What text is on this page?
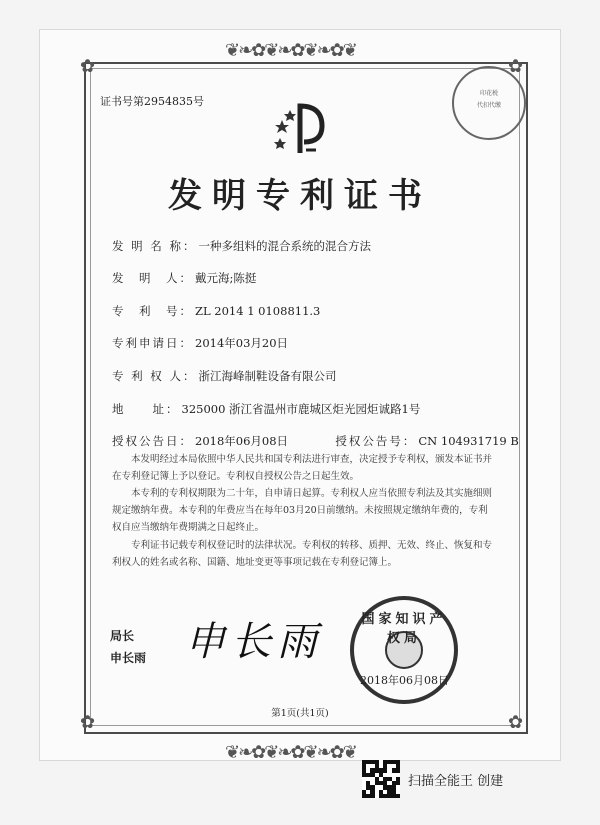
❦❧✿❦❧✿❦❧✿❦
❦❧✿❦❧✿❦❧✿❦
✿	✿
✿	✿
证书号第2954835号
印花税
代扣代缴
发明专利证书
发 明 名 称： 一种多组料的混合系统的混合方法
发　明　人： 戴元海;陈挺
专　利　号： ZL 2014 1 0108811.3
专利申请日： 2014年03月20日
专 利 权 人： 浙江海峰制鞋设备有限公司
地　　址： 325000 浙江省温州市鹿城区炬光园炬诚路1号
授权公告日： 2018年06月08日	授权公告号： CN 104931719 B
本发明经过本局依照中华人民共和国专利法进行审查，决定授予专利权，颁发本证书并在专利登记簿上予以登记。专利权自授权公告之日起生效。
本专利的专利权期限为二十年，自申请日起算。专利权人应当依照专利法及其实施细则规定缴纳年费。本专利的年费应当在每年03月20日前缴纳。未按照规定缴纳年费的，专利权自应当缴纳年费期满之日起终止。
专利证书记载专利权登记时的法律状况。专利权的转移、质押、无效、终止、恢复和专利权人的姓名或名称、国籍、地址变更等事项记载在专利登记簿上。
局长
申长雨 申长雨	国家知识产权局
2018年06月08日
第1页(共1页)
扫描全能王 创建
